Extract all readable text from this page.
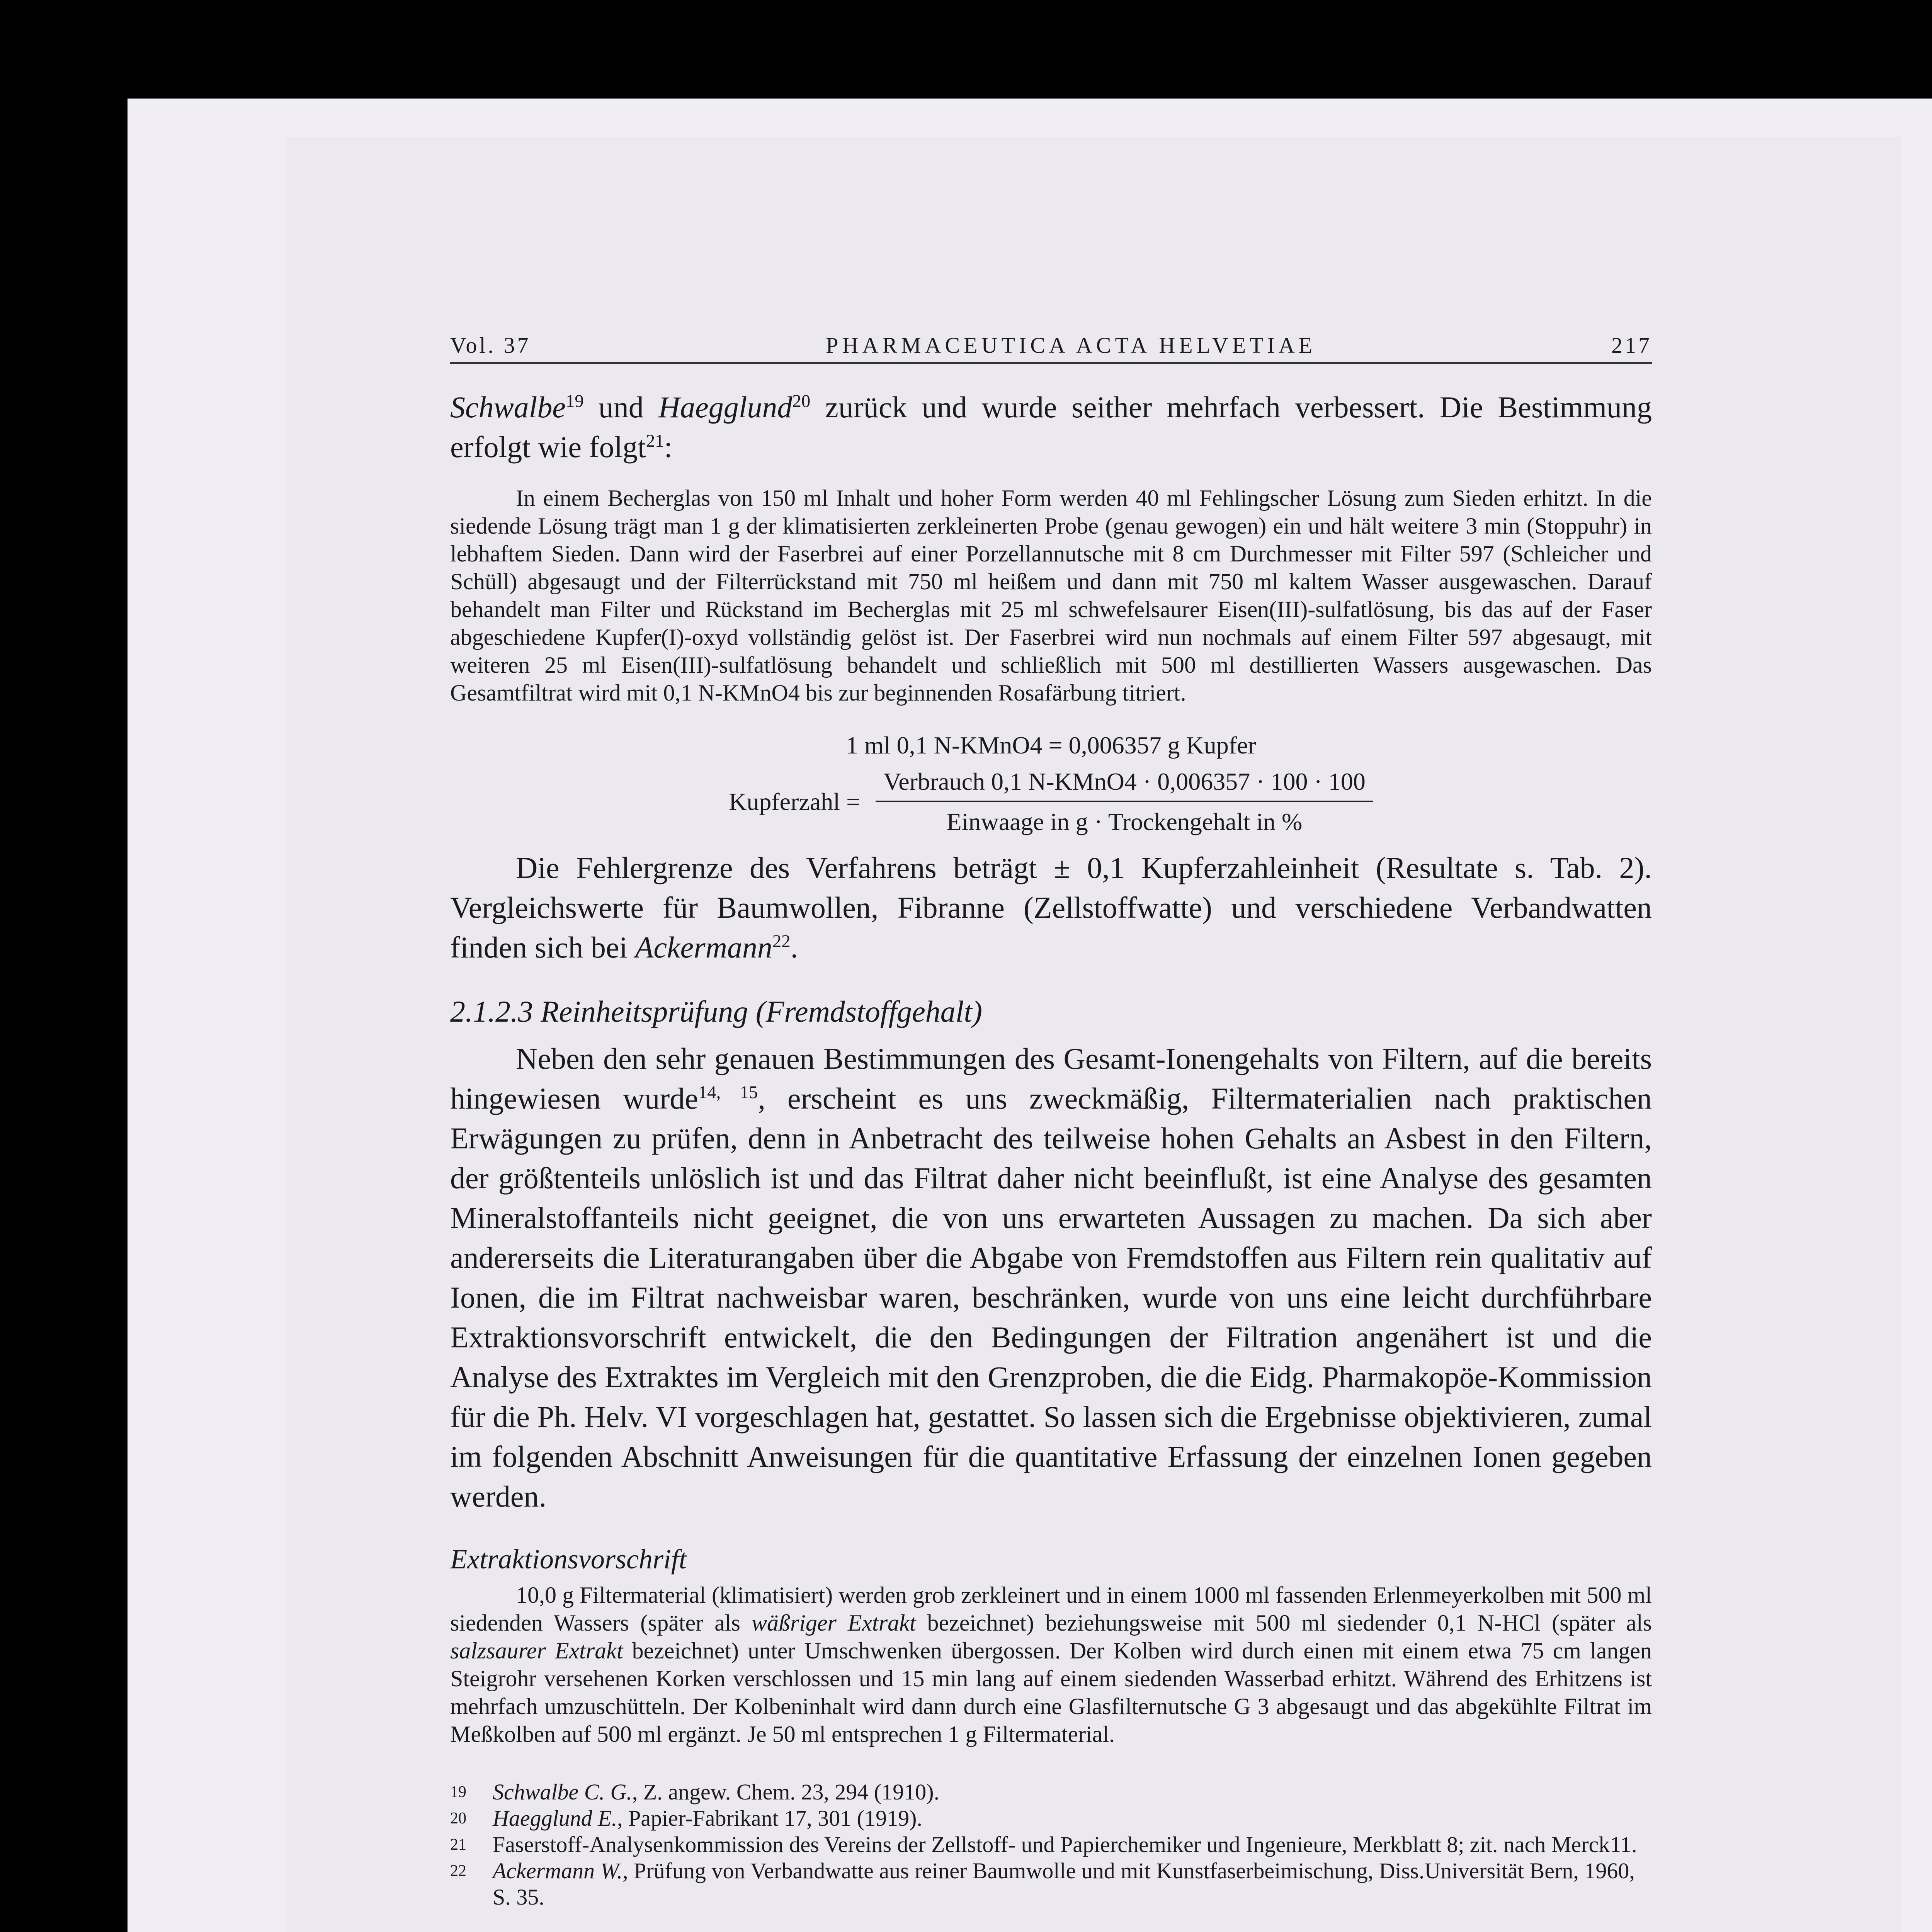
Vol. 37	PHARMACEUTICA ACTA HELVETIAE	217

Schwalbe$^{19}$ und Haegglund$^{20}$ zurück und wurde seither mehrfach verbessert. Die Bestimmung erfolgt wie folgt$^{21}$:

In einem Becherglas von 150 ml Inhalt und hoher Form werden 40 ml Fehlingscher Lösung zum Sieden erhitzt. In die siedende Lösung trägt man 1 g der klimatisierten zerkleinerten Probe (genau gewogen) ein und hält weitere 3 min (Stoppuhr) in lebhaftem Sieden. Dann wird der Faserbrei auf einer Porzellannutsche mit 8 cm Durchmesser mit Filter 597 (Schleicher und Schüll) abgesaugt und der Filterrückstand mit 750 ml heißem und dann mit 750 ml kaltem Wasser ausgewaschen. Darauf behandelt man Filter und Rückstand im Becherglas mit 25 ml schwefelsaurer Eisen(III)-sulfatlösung, bis das auf der Faser abgeschiedene Kupfer(I)-oxyd vollständig gelöst ist. Der Faserbrei wird nun nochmals auf einem Filter 597 abgesaugt, mit weiteren 25 ml Eisen(III)-sulfatlösung behandelt und schließlich mit 500 ml destillierten Wassers ausgewaschen. Das Gesamtfiltrat wird mit 0,1 N-KMnO4 bis zur beginnenden Rosafärbung titriert.

1 ml 0,1 N-KMnO4 = 0,006357 g Kupfer
Kupferzahl = $\frac{\text{Verbrauch 0,1 N-KMnO4 · 0,006357 · 100 · 100}}{\text{Einwaage in g · Trockengehalt in \%}}$

Die Fehlergrenze des Verfahrens beträgt ± 0,1 Kupferzahleinheit (Resultate s. Tab. 2). Vergleichswerte für Baumwollen, Fibranne (Zellstoffwatte) und verschiedene Verbandwatten finden sich bei Ackermann$^{22}$.

2.1.2.3 Reinheitsprüfung (Fremdstoffgehalt)

Neben den sehr genauen Bestimmungen des Gesamt-Ionengehalts von Filtern, auf die bereits hingewiesen wurde$^{14, 15}$, erscheint es uns zweckmäßig, Filtermaterialien nach praktischen Erwägungen zu prüfen, denn in Anbetracht des teilweise hohen Gehalts an Asbest in den Filtern, der größtenteils unlöslich ist und das Filtrat daher nicht beeinflußt, ist eine Analyse des gesamten Mineralstoffanteils nicht geeignet, die von uns erwarteten Aussagen zu machen. Da sich aber andererseits die Literaturangaben über die Abgabe von Fremdstoffen aus Filtern rein qualitativ auf Ionen, die im Filtrat nachweisbar waren, beschränken, wurde von uns eine leicht durchführbare Extraktionsvorschrift entwickelt, die den Bedingungen der Filtration angenähert ist und die Analyse des Extraktes im Vergleich mit den Grenzproben, die die Eidg. Pharmakopöe-Kommission für die Ph. Helv. VI vorgeschlagen hat, gestattet. So lassen sich die Ergebnisse objektivieren, zumal im folgenden Abschnitt Anweisungen für die quantitative Erfassung der einzelnen Ionen gegeben werden.

Extraktionsvorschrift

10,0 g Filtermaterial (klimatisiert) werden grob zerkleinert und in einem 1000 ml fassenden Erlenmeyerkolben mit 500 ml siedenden Wassers (später als wäßriger Extrakt bezeichnet) beziehungsweise mit 500 ml siedender 0,1 N-HCl (später als salzsaurer Extrakt bezeichnet) unter Umschwenken übergossen. Der Kolben wird durch einen mit einem etwa 75 cm langen Steigrohr versehenen Korken verschlossen und 15 min lang auf einem siedenden Wasserbad erhitzt. Während des Erhitzens ist mehrfach umzuschütteln. Der Kolbeninhalt wird dann durch eine Glasfilternutsche G 3 abgesaugt und das abgekühlte Filtrat im Meßkolben auf 500 ml ergänzt. Je 50 ml entsprechen 1 g Filtermaterial.

19	Schwalbe C. G., Z. angew. Chem. 23, 294 (1910).

20	Haegglund E., Papier-Fabrikant 17, 301 (1919).

21	Faserstoff-Analysenkommission des Vereins der Zellstoff- und Papierchemiker und Ingenieure, Merkblatt 8; zit. nach Merck11.

22	Ackermann W., Prüfung von Verbandwatte aus reiner Baumwolle und mit Kunstfaserbeimischung, Diss.Universität Bern, 1960, S. 35.
